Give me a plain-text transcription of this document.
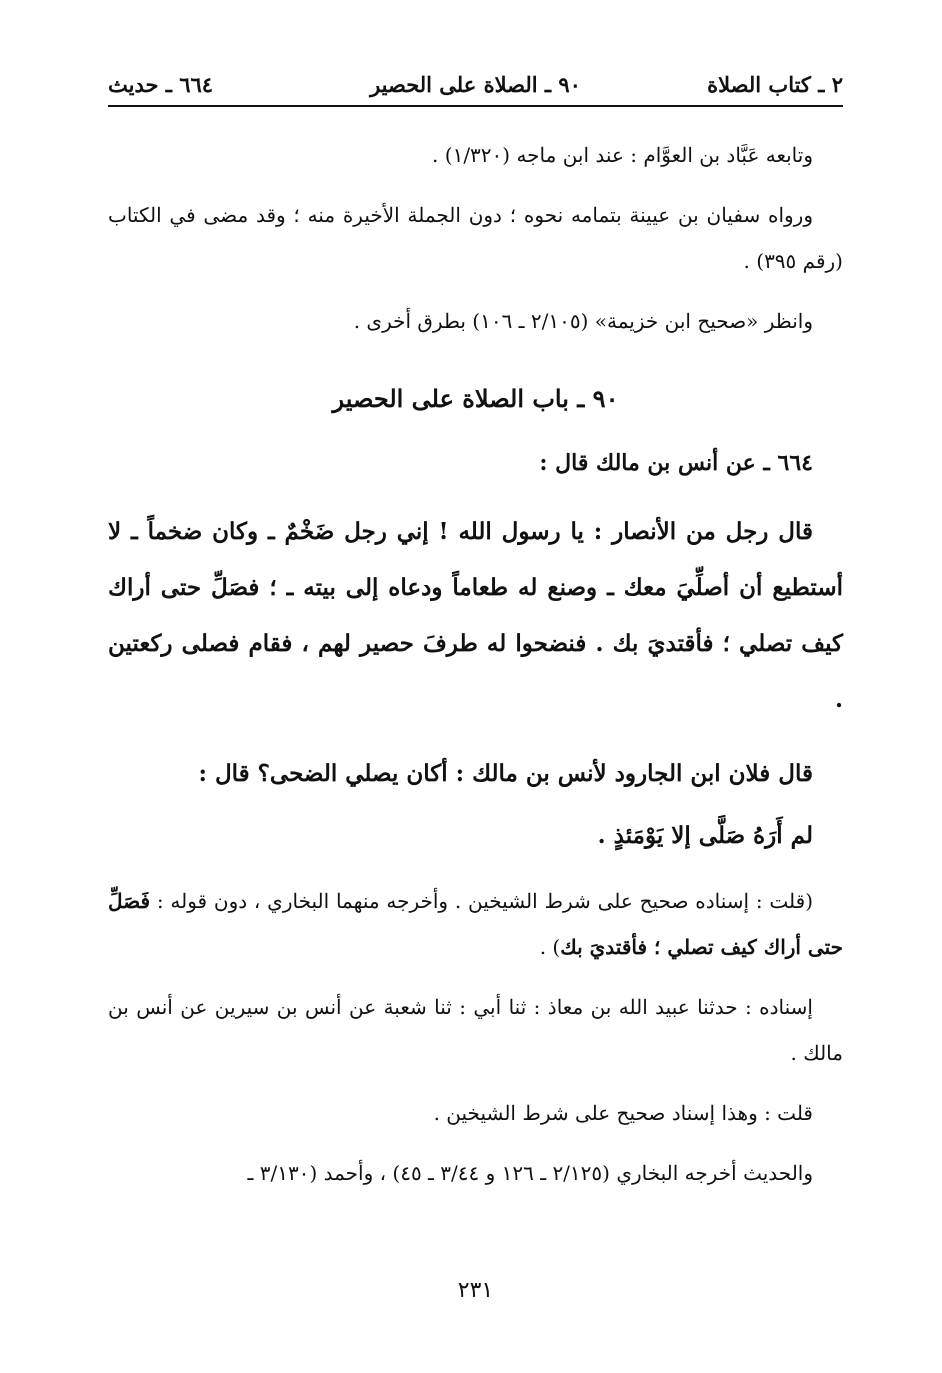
٢ ـ كتاب الصلاة
٩٠ ـ الصلاة على الحصير
٦٦٤ ـ حديث

وتابعه عَبَّاد بن العوَّام : عند ابن ماجه (١/٣٢٠) .

ورواه سفيان بن عيينة بتمامه نحوه ؛ دون الجملة الأخيرة منه ؛ وقد مضى في الكتاب (رقم ٣٩٥) .

وانظر «صحيح ابن خزيمة» (٢/١٠٥ ـ ١٠٦) بطرق أخرى .

٩٠ ـ باب الصلاة على الحصير

٦٦٤ ـ عن أنس بن مالك قال :

قال رجل من الأنصار : يا رسول الله ! إني رجل ضَخْمٌ ـ وكان ضخماً ـ لا أستطيع أن أصلِّيَ معك ـ وصنع له طعاماً ودعاه إلى بيته ـ ؛ فصَلِّ حتى أراك كيف تصلي ؛ فأقتديَ بك . فنضحوا له طرفَ حصير لهم ، فقام فصلى ركعتين .

قال فلان ابن الجارود لأنس بن مالك : أكان يصلي الضحى؟ قال :

لم أَرَهُ صَلَّى إلا يَوْمَئذٍ .

(قلت : إسناده صحيح على شرط الشيخين . وأخرجه منهما البخاري ، دون قوله : فَصَلِّ حتى أراك كيف تصلي ؛ فأقتديَ بك) .

إسناده : حدثنا عبيد الله بن معاذ : ثنا أبي : ثنا شعبة عن أنس بن سيرين عن أنس بن مالك .

قلت : وهذا إسناد صحيح على شرط الشيخين .

والحديث أخرجه البخاري (٢/١٢٥ ـ ١٢٦ و ٣/٤٤ ـ ٤٥) ، وأحمد (٣/١٣٠ ـ

٢٣١
